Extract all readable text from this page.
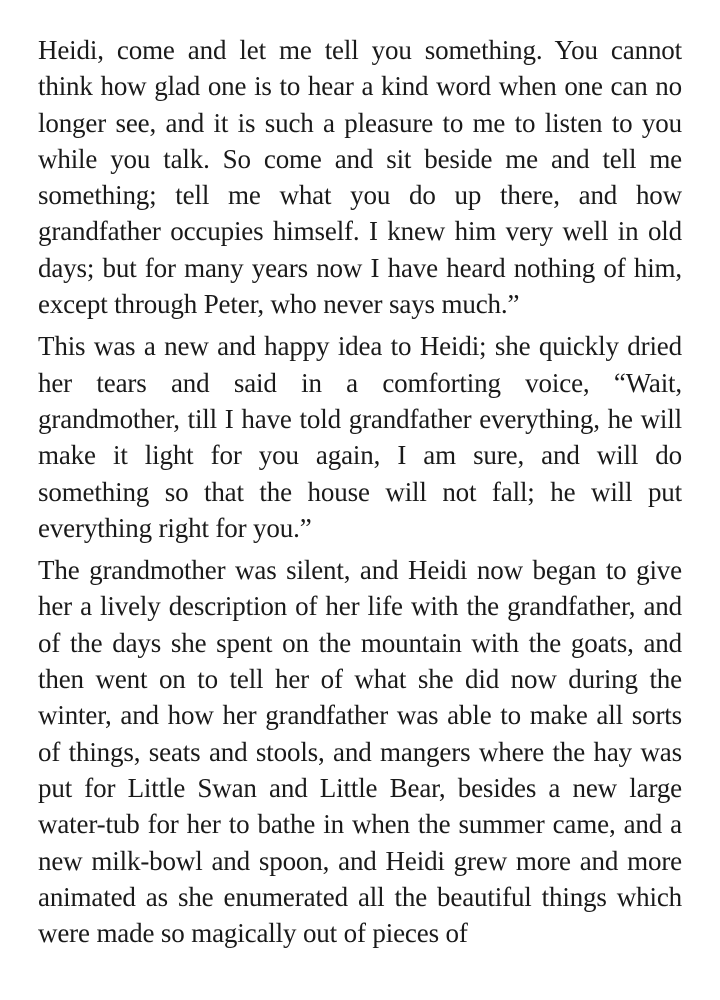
Heidi, come and let me tell you something. You cannot think how glad one is to hear a kind word when one can no longer see, and it is such a pleasure to me to listen to you while you talk. So come and sit beside me and tell me something; tell me what you do up there, and how grandfather occupies himself. I knew him very well in old days; but for many years now I have heard nothing of him, except through Peter, who never says much.”

This was a new and happy idea to Heidi; she quickly dried her tears and said in a comforting voice, “Wait, grandmother, till I have told grandfather everything, he will make it light for you again, I am sure, and will do something so that the house will not fall; he will put everything right for you.”

The grandmother was silent, and Heidi now began to give her a lively description of her life with the grandfather, and of the days she spent on the mountain with the goats, and then went on to tell her of what she did now during the winter, and how her grandfather was able to make all sorts of things, seats and stools, and mangers where the hay was put for Little Swan and Little Bear, besides a new large water-tub for her to bathe in when the summer came, and a new milk-bowl and spoon, and Heidi grew more and more animated as she enumerated all the beautiful things which were made so magically out of pieces of
